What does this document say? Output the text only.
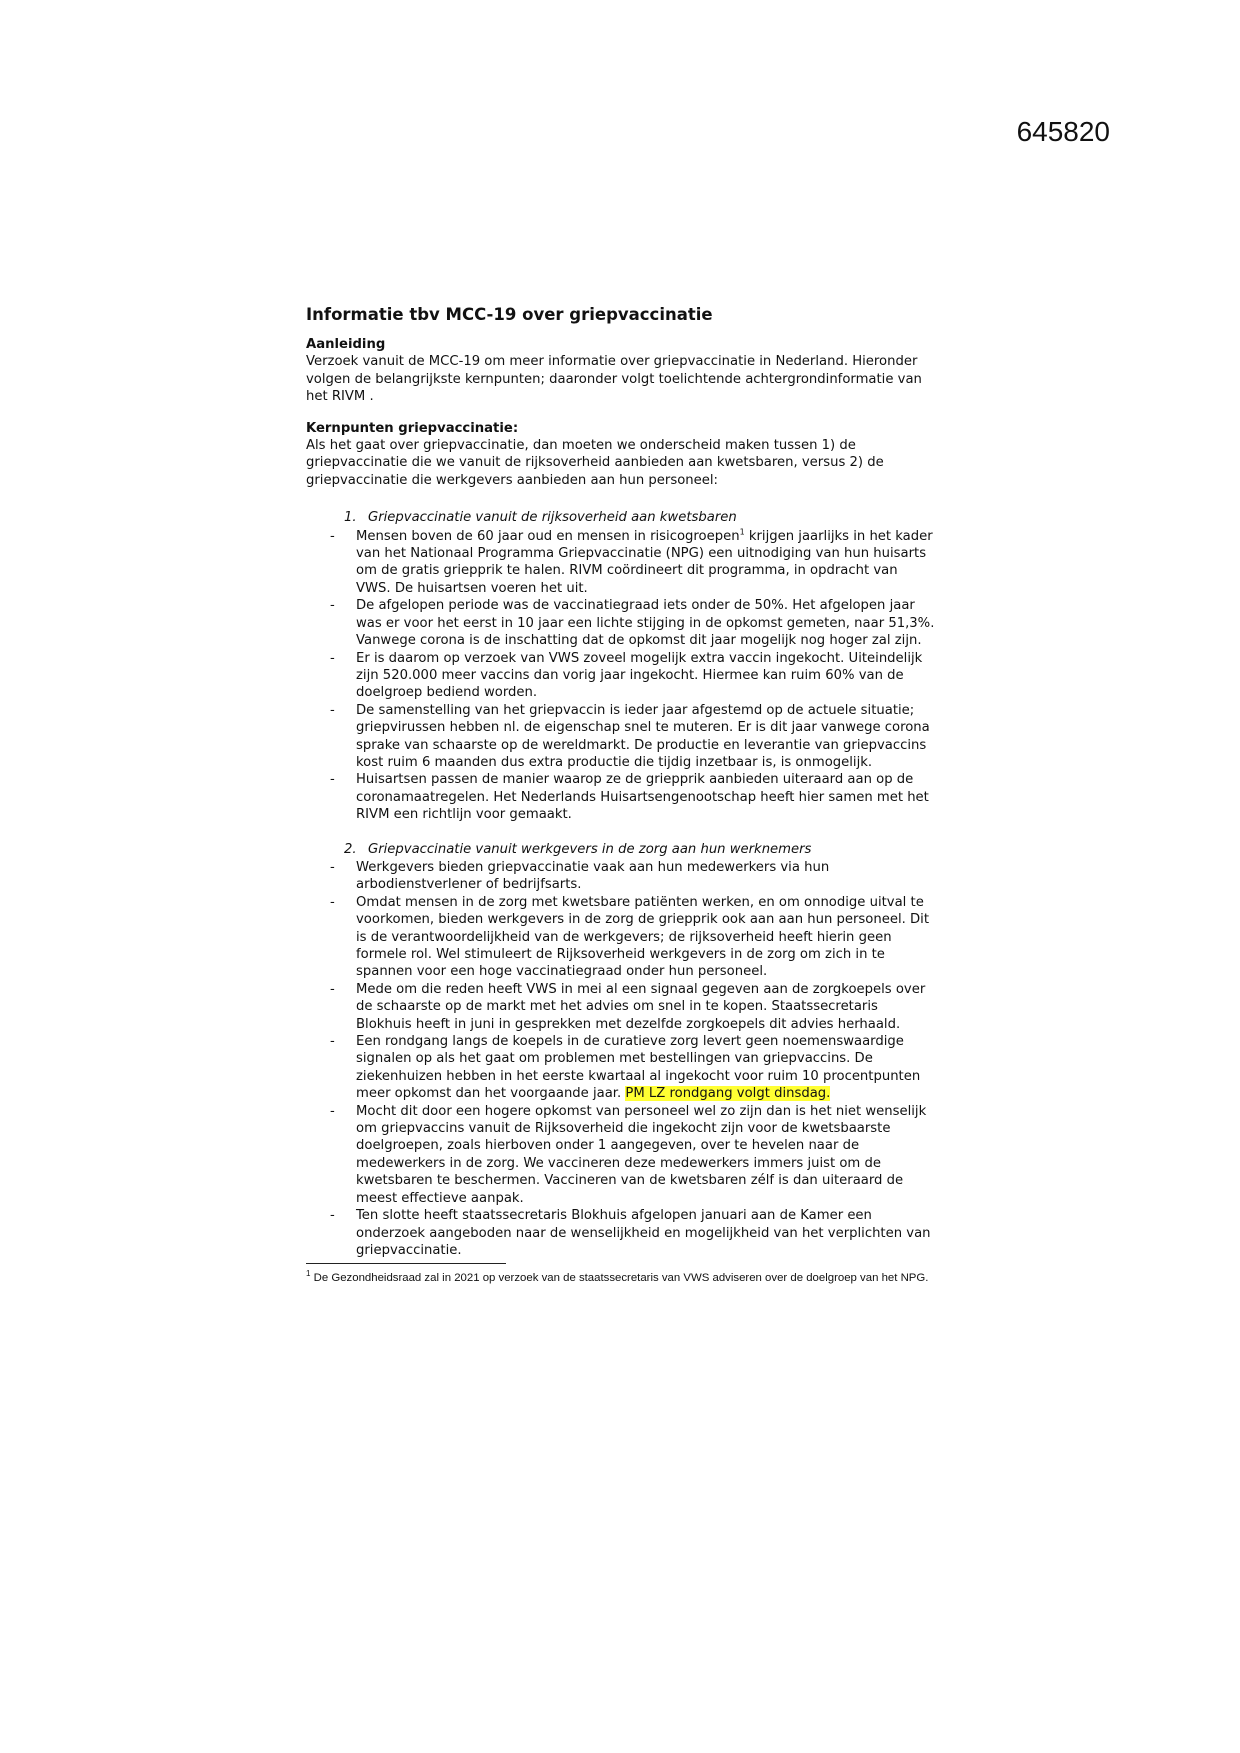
645820
Informatie tbv MCC-19 over griepvaccinatie
Aanleiding

Verzoek vanuit de MCC-19 om meer informatie over griepvaccinatie in Nederland. Hieronder volgen de belangrijkste kernpunten; daaronder volgt toelichtende achtergrondinformatie van het RIVM .

Kernpunten griepvaccinatie:

Als het gaat over griepvaccinatie, dan moeten we onderscheid maken tussen 1) de griepvaccinatie die we vanuit de rijksoverheid aanbieden aan kwetsbaren, versus 2) de griepvaccinatie die werkgevers aanbieden aan hun personeel:

1. Griepvaccinatie vanuit de rijksoverheid aan kwetsbaren
- Mensen boven de 60 jaar oud en mensen in risicogroepen$^1$ krijgen jaarlijks in het kader van het Nationaal Programma Griepvaccinatie (NPG) een uitnodiging van hun huisarts om de gratis griepprik te halen. RIVM coördineert dit programma, in opdracht van VWS. De huisartsen voeren het uit.
- De afgelopen periode was de vaccinatiegraad iets onder de 50%. Het afgelopen jaar was er voor het eerst in 10 jaar een lichte stijging in de opkomst gemeten, naar 51,3%. Vanwege corona is de inschatting dat de opkomst dit jaar mogelijk nog hoger zal zijn.
- Er is daarom op verzoek van VWS zoveel mogelijk extra vaccin ingekocht. Uiteindelijk zijn 520.000 meer vaccins dan vorig jaar ingekocht. Hiermee kan ruim 60% van de doelgroep bediend worden.
- De samenstelling van het griepvaccin is ieder jaar afgestemd op de actuele situatie; griepvirussen hebben nl. de eigenschap snel te muteren. Er is dit jaar vanwege corona sprake van schaarste op de wereldmarkt. De productie en leverantie van griepvaccins kost ruim 6 maanden dus extra productie die tijdig inzetbaar is, is onmogelijk.
- Huisartsen passen de manier waarop ze de griepprik aanbieden uiteraard aan op de coronamaatregelen. Het Nederlands Huisartsengenootschap heeft hier samen met het RIVM een richtlijn voor gemaakt.
2. Griepvaccinatie vanuit werkgevers in de zorg aan hun werknemers
- Werkgevers bieden griepvaccinatie vaak aan hun medewerkers via hun arbodienstverlener of bedrijfsarts.
- Omdat mensen in de zorg met kwetsbare patiënten werken, en om onnodige uitval te voorkomen, bieden werkgevers in de zorg de griepprik ook aan aan hun personeel. Dit is de verantwoordelijkheid van de werkgevers; de rijksoverheid heeft hierin geen formele rol. Wel stimuleert de Rijksoverheid werkgevers in de zorg om zich in te spannen voor een hoge vaccinatiegraad onder hun personeel.
- Mede om die reden heeft VWS in mei al een signaal gegeven aan de zorgkoepels over de schaarste op de markt met het advies om snel in te kopen. Staatssecretaris Blokhuis heeft in juni in gesprekken met dezelfde zorgkoepels dit advies herhaald.
- Een rondgang langs de koepels in de curatieve zorg levert geen noemenswaardige signalen op als het gaat om problemen met bestellingen van griepvaccins. De ziekenhuizen hebben in het eerste kwartaal al ingekocht voor ruim 10 procentpunten meer opkomst dan het voorgaande jaar. PM LZ rondgang volgt dinsdag.
- Mocht dit door een hogere opkomst van personeel wel zo zijn dan is het niet wenselijk om griepvaccins vanuit de Rijksoverheid die ingekocht zijn voor de kwetsbaarste doelgroepen, zoals hierboven onder 1 aangegeven, over te hevelen naar de medewerkers in de zorg. We vaccineren deze medewerkers immers juist om de kwetsbaren te beschermen. Vaccineren van de kwetsbaren zélf is dan uiteraard de meest effectieve aanpak.
- Ten slotte heeft staatssecretaris Blokhuis afgelopen januari aan de Kamer een onderzoek aangeboden naar de wenselijkheid en mogelijkheid van het verplichten van griepvaccinatie.
$^1$ De Gezondheidsraad zal in 2021 op verzoek van de staatssecretaris van VWS adviseren over de doelgroep van het NPG.
